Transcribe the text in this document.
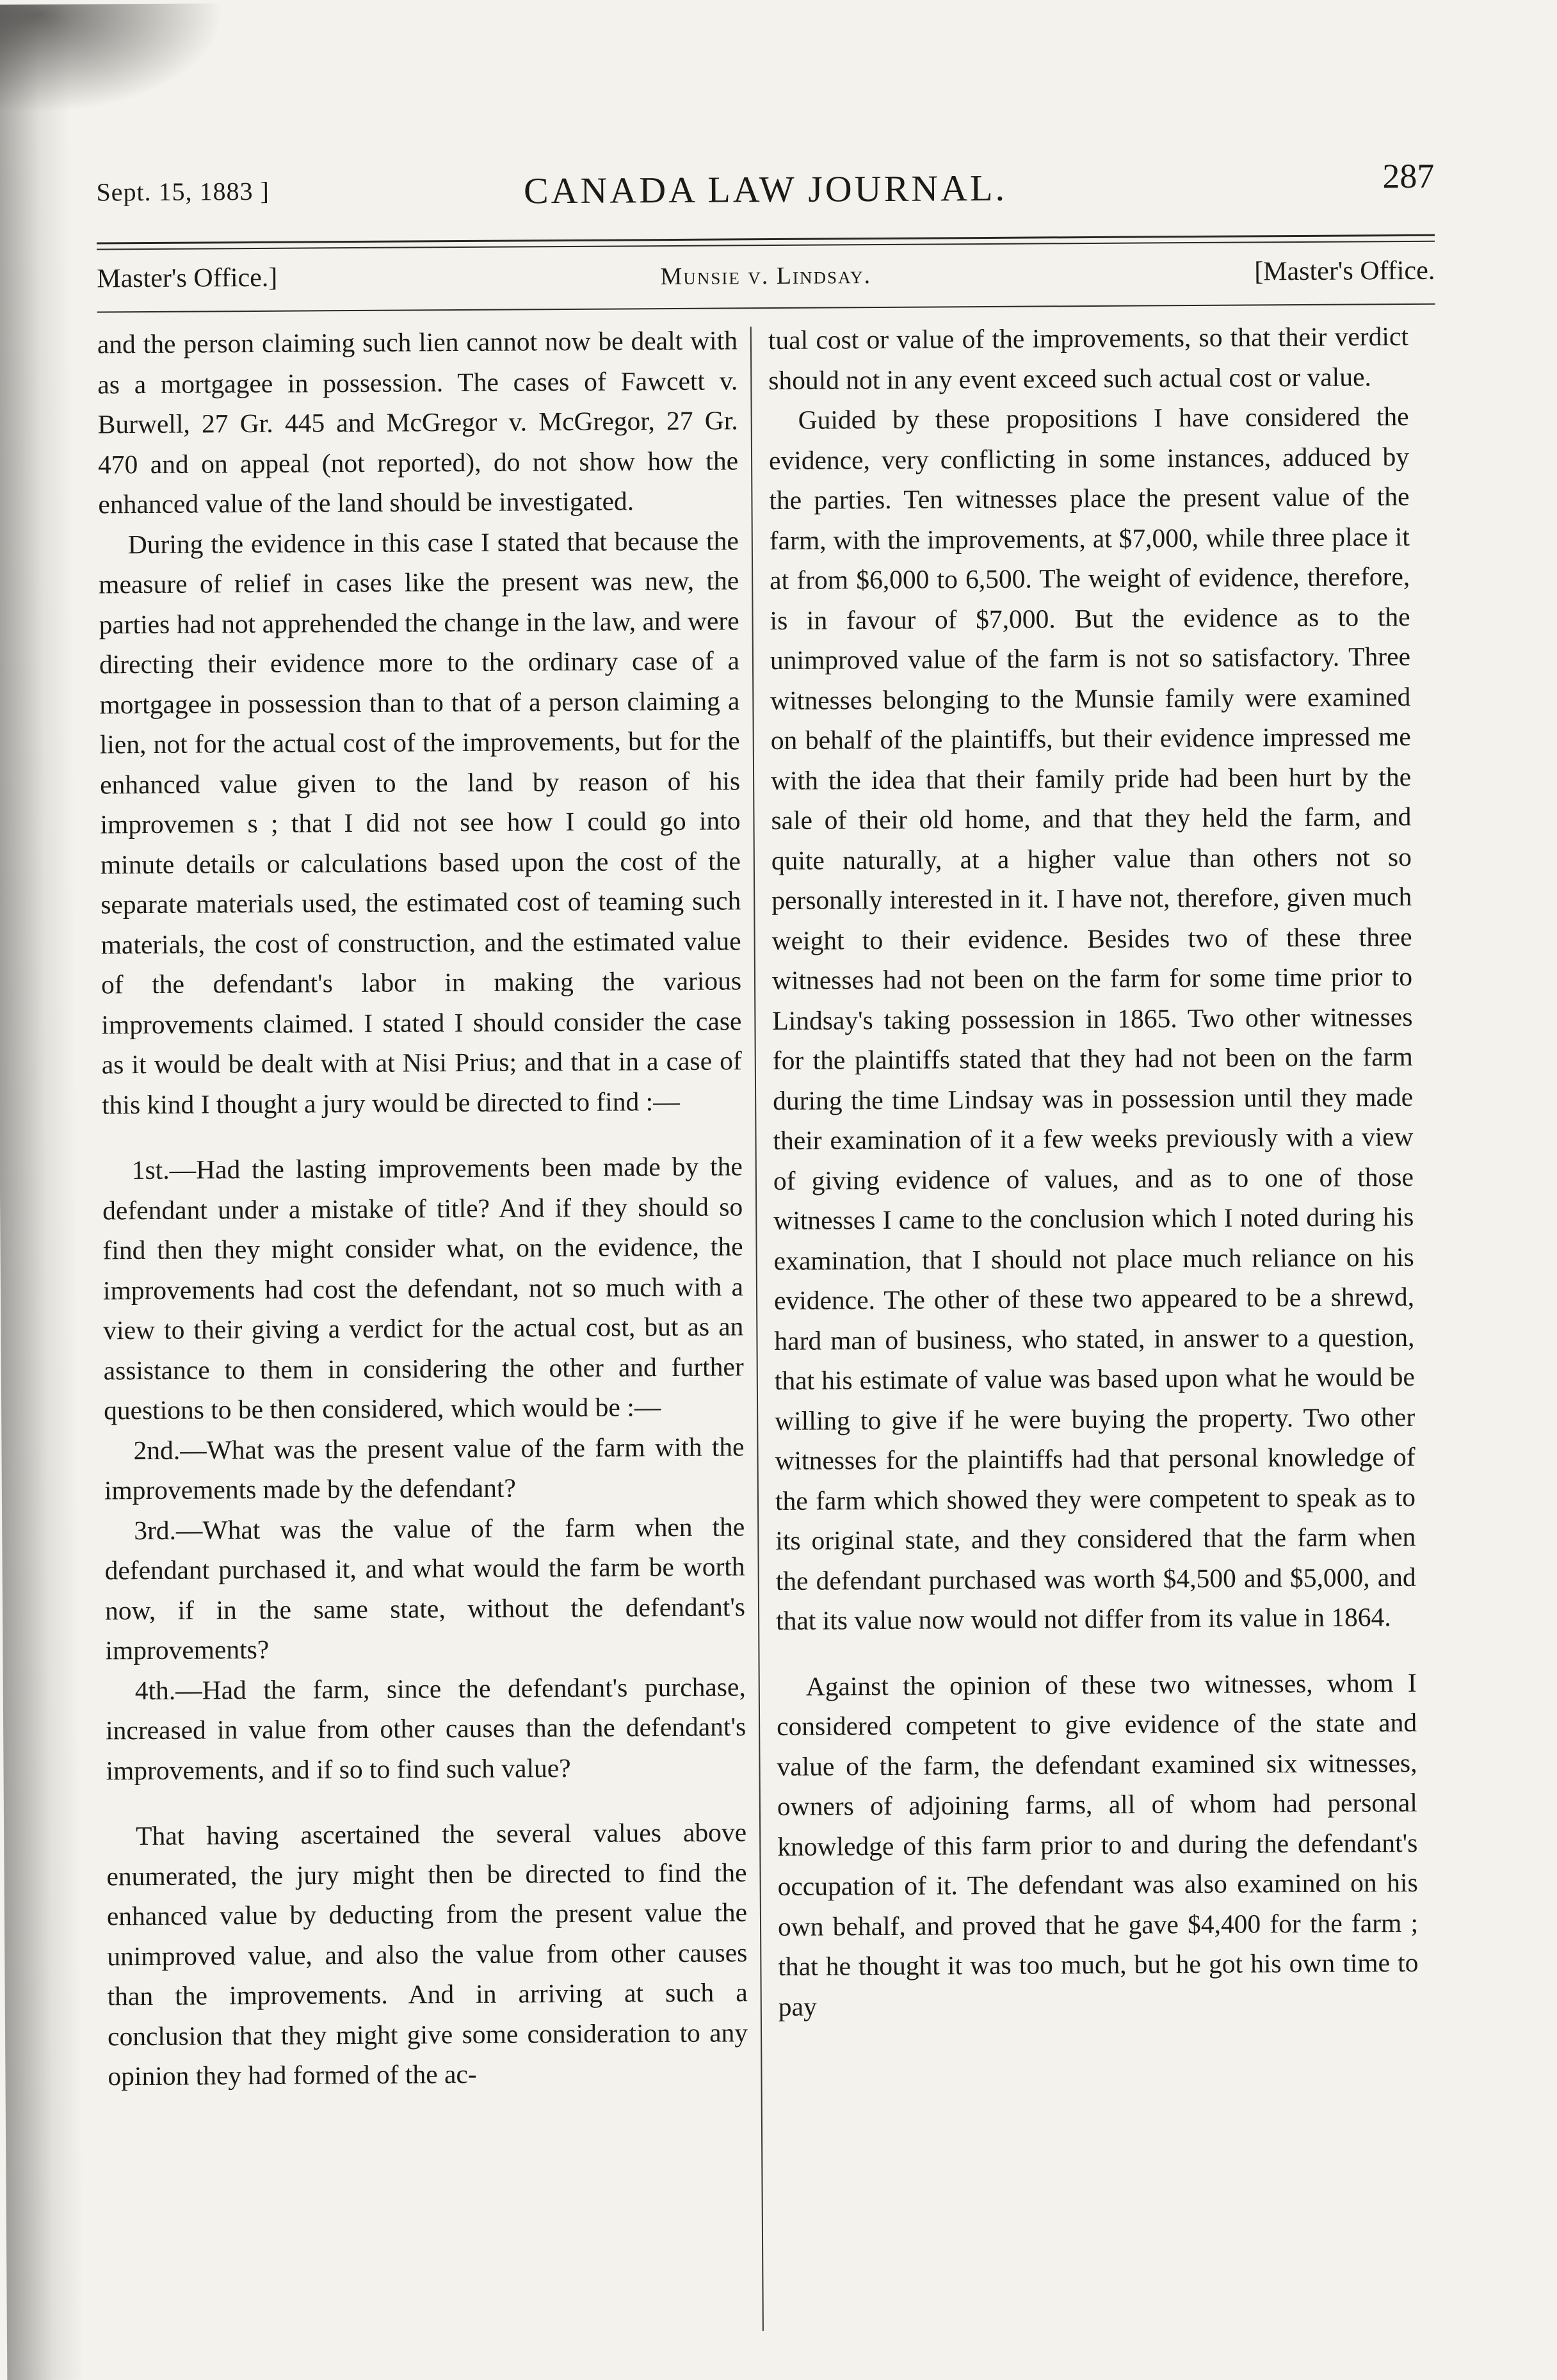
Sept. 15, 1883 ]	CANADA LAW JOURNAL.	287
Master's Office.]	Munsie v. Lindsay.	[Master's Office.

and the person claiming such lien cannot now be dealt with as a mortgagee in possession. The cases of Fawcett v. Burwell, 27 Gr. 445 and McGregor v. McGregor, 27 Gr. 470 and on appeal (not reported), do not show how the enhanced value of the land should be investigated.

During the evidence in this case I stated that because the measure of relief in cases like the present was new, the parties had not apprehended the change in the law, and were directing their evidence more to the ordinary case of a mortgagee in possession than to that of a person claiming a lien, not for the actual cost of the improvements, but for the enhanced value given to the land by reason of his improvemen s ; that I did not see how I could go into minute details or calculations based upon the cost of the separate materials used, the estimated cost of teaming such materials, the cost of construction, and the estimated value of the defendant's labor in making the various improvements claimed. I stated I should consider the case as it would be dealt with at Nisi Prius; and that in a case of this kind I thought a jury would be directed to find :—

1st.—Had the lasting improvements been made by the defendant under a mistake of title? And if they should so find then they might consider what, on the evidence, the improvements had cost the defendant, not so much with a view to their giving a verdict for the actual cost, but as an assistance to them in considering the other and further questions to be then considered, which would be :—

2nd.—What was the present value of the farm with the improvements made by the defendant?

3rd.—What was the value of the farm when the defendant purchased it, and what would the farm be worth now, if in the same state, without the defendant's improvements?

4th.—Had the farm, since the defendant's purchase, increased in value from other causes than the defendant's improvements, and if so to find such value?

That having ascertained the several values above enumerated, the jury might then be directed to find the enhanced value by deducting from the present value the unimproved value, and also the value from other causes than the improvements. And in arriving at such a conclusion that they might give some consideration to any opinion they had formed of the ac-

tual cost or value of the improvements, so that their verdict should not in any event exceed such actual cost or value.

Guided by these propositions I have considered the evidence, very conflicting in some instances, adduced by the parties. Ten witnesses place the present value of the farm, with the improvements, at $7,000, while three place it at from $6,000 to 6,500. The weight of evidence, therefore, is in favour of $7,000. But the evidence as to the unimproved value of the farm is not so satisfactory. Three witnesses belonging to the Munsie family were examined on behalf of the plaintiffs, but their evidence impressed me with the idea that their family pride had been hurt by the sale of their old home, and that they held the farm, and quite naturally, at a higher value than others not so personally interested in it. I have not, therefore, given much weight to their evidence. Besides two of these three witnesses had not been on the farm for some time prior to Lindsay's taking possession in 1865. Two other witnesses for the plaintiffs stated that they had not been on the farm during the time Lindsay was in possession until they made their examination of it a few weeks previously with a view of giving evidence of values, and as to one of those witnesses I came to the conclusion which I noted during his examination, that I should not place much reliance on his evidence. The other of these two appeared to be a shrewd, hard man of business, who stated, in answer to a question, that his estimate of value was based upon what he would be willing to give if he were buying the property. Two other witnesses for the plaintiffs had that personal knowledge of the farm which showed they were competent to speak as to its original state, and they considered that the farm when the defendant purchased was worth $4,500 and $5,000, and that its value now would not differ from its value in 1864.

Against the opinion of these two witnesses, whom I considered competent to give evidence of the state and value of the farm, the defendant examined six witnesses, owners of adjoining farms, all of whom had personal knowledge of this farm prior to and during the defendant's occupation of it. The defendant was also examined on his own behalf, and proved that he gave $4,400 for the farm ; that he thought it was too much, but he got his own time to pay
